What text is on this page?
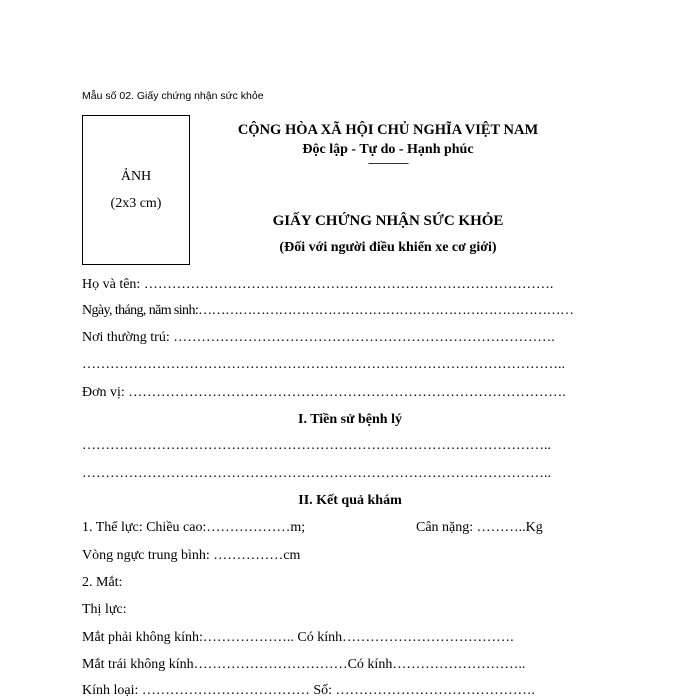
Mẫu số 02. Giấy chứng nhận sức khỏe
ẢNH
(2x3 cm)
CỘNG HÒA XÃ HỘI CHỦ NGHĨA VIỆT NAM
Độc lập - Tự do - Hạnh phúc
---------------
GIẤY CHỨNG NHẬN SỨC KHỎE
(Đối với người điều khiển xe cơ giới)
Họ và tên: …………………………………………………………………………….
Ngày, tháng, năm sinh:…………………………………………………………………………
Nơi thường trú: ……………………………………………………………………….
…………………………………………………………………………………………..
Đơn vị: ………………………………………………………………………………….
I. Tiền sử bệnh lý
………………………………………………………………………………………..
………………………………………………………………………………………..
II. Kết quả khám
1. Thể lực: Chiều cao:………………m;	Cân nặng: ………..Kg
Vòng ngực trung bình: ……………cm
2. Mắt:
Thị lực:
Mắt phải không kính:……………….. Có kính……………………………….
Mắt trái không kính……………………………Có kính………………………..
Kính loại: ……………………………… Số: …………………………………….
